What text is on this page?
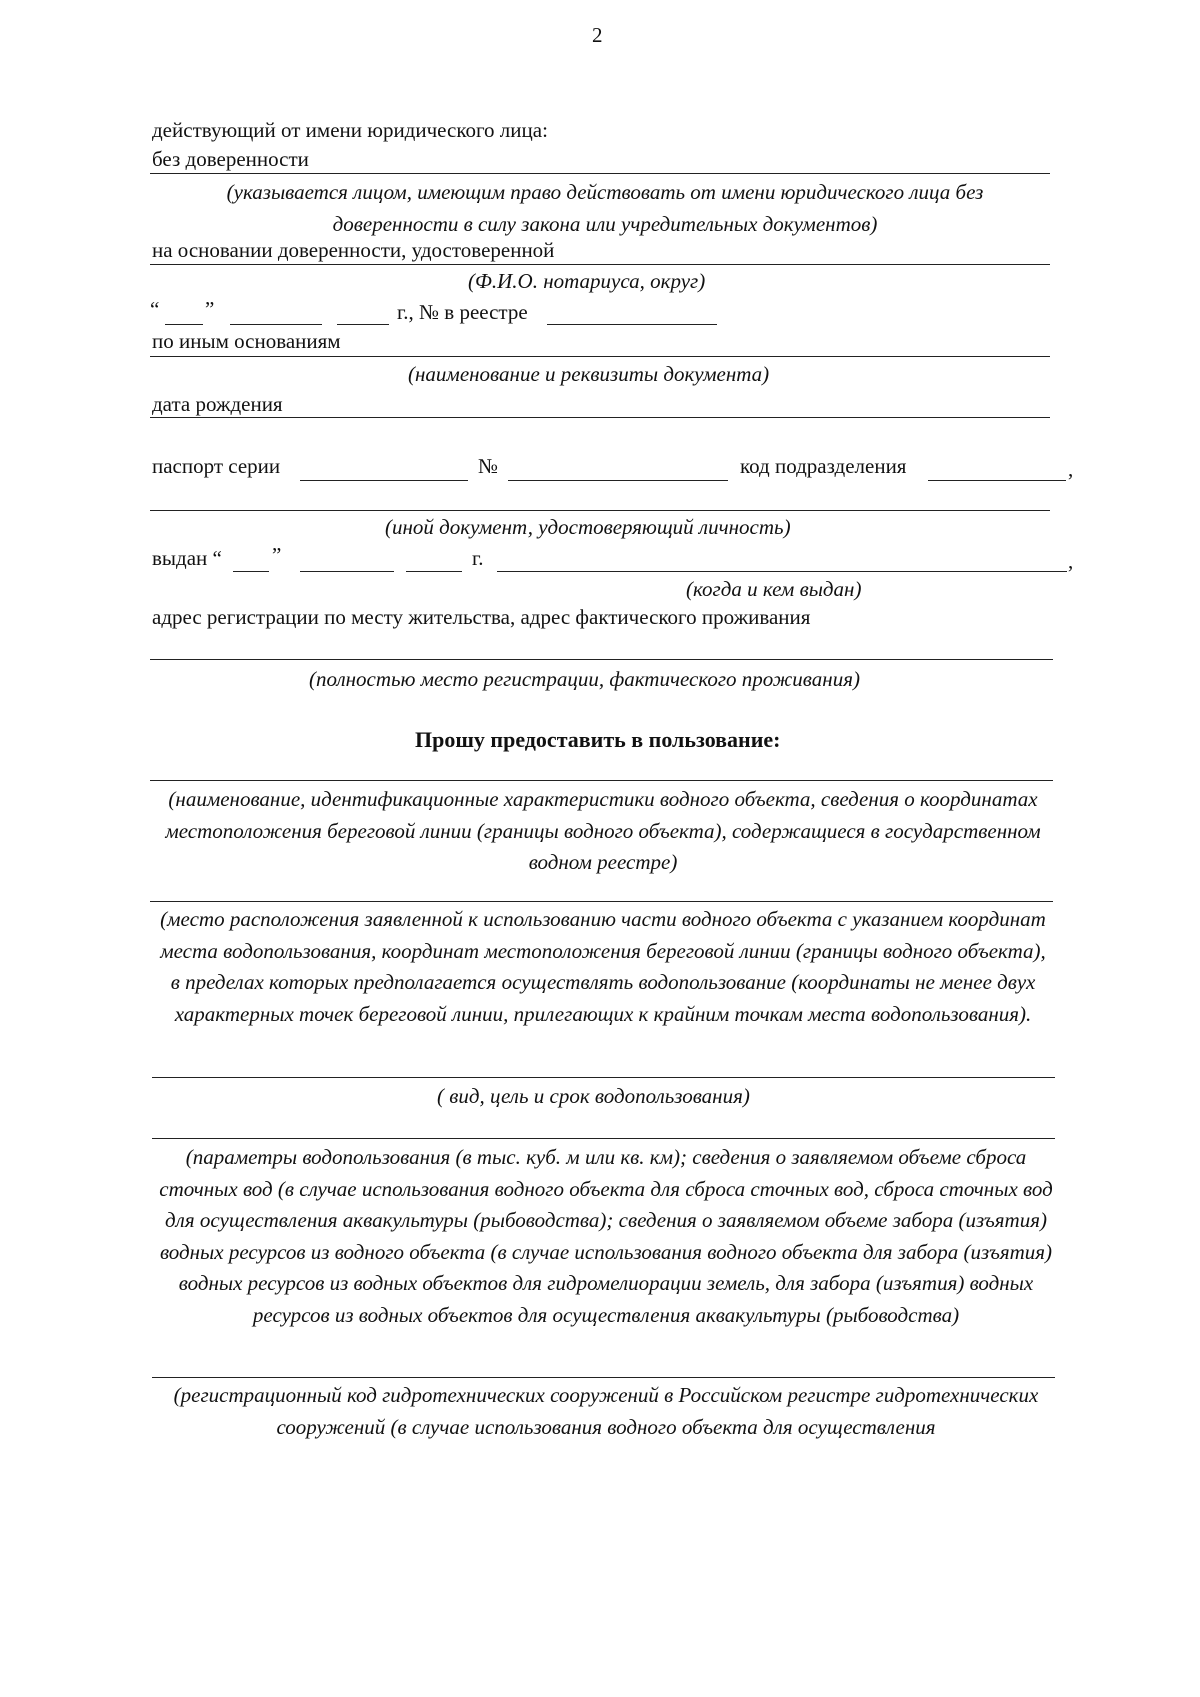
2
действующий от имени юридического лица:
без доверенности
(указывается лицом, имеющим право действовать от имени юридического лица без доверенности в силу закона или учредительных документов)
на основании доверенности, удостоверенной
(Ф.И.О. нотариуса, округ)
“ ”	г., № в реестре
по иным основаниям
(наименование и реквизиты документа)
дата рождения
паспорт серии	№	код подразделения	,
(иной документ, удостоверяющий личность)
выдан “ ”	г.	,
(когда и кем выдан)
адрес регистрации по месту жительства, адрес фактического проживания
(полностью место регистрации, фактического проживания)
Прошу предоставить в пользование:
(наименование, идентификационные характеристики водного объекта, сведения о координатах местоположения береговой линии (границы водного объекта), содержащиеся в государственном водном реестре)
(место расположения заявленной к использованию части водного объекта с указанием координат места водопользования, координат местоположения береговой линии (границы водного объекта), в пределах которых предполагается осуществлять водопользование (координаты не менее двух характерных точек береговой линии, прилегающих к крайним точкам места водопользования).
( вид, цель и срок водопользования)
(параметры водопользования (в тыс. куб. м или кв. км); сведения о заявляемом объеме сброса сточных вод (в случае использования водного объекта для сброса сточных вод, сброса сточных вод для осуществления аквакультуры (рыбоводства); сведения о заявляемом объеме забора (изъятия) водных ресурсов из водного объекта (в случае использования водного объекта для забора (изъятия) водных ресурсов из водных объектов для гидромелиорации земель, для забора (изъятия) водных ресурсов из водных объектов для осуществления аквакультуры (рыбоводства)
(регистрационный код гидротехнических сооружений в Российском регистре гидротехнических сооружений (в случае использования водного объекта для осуществления
